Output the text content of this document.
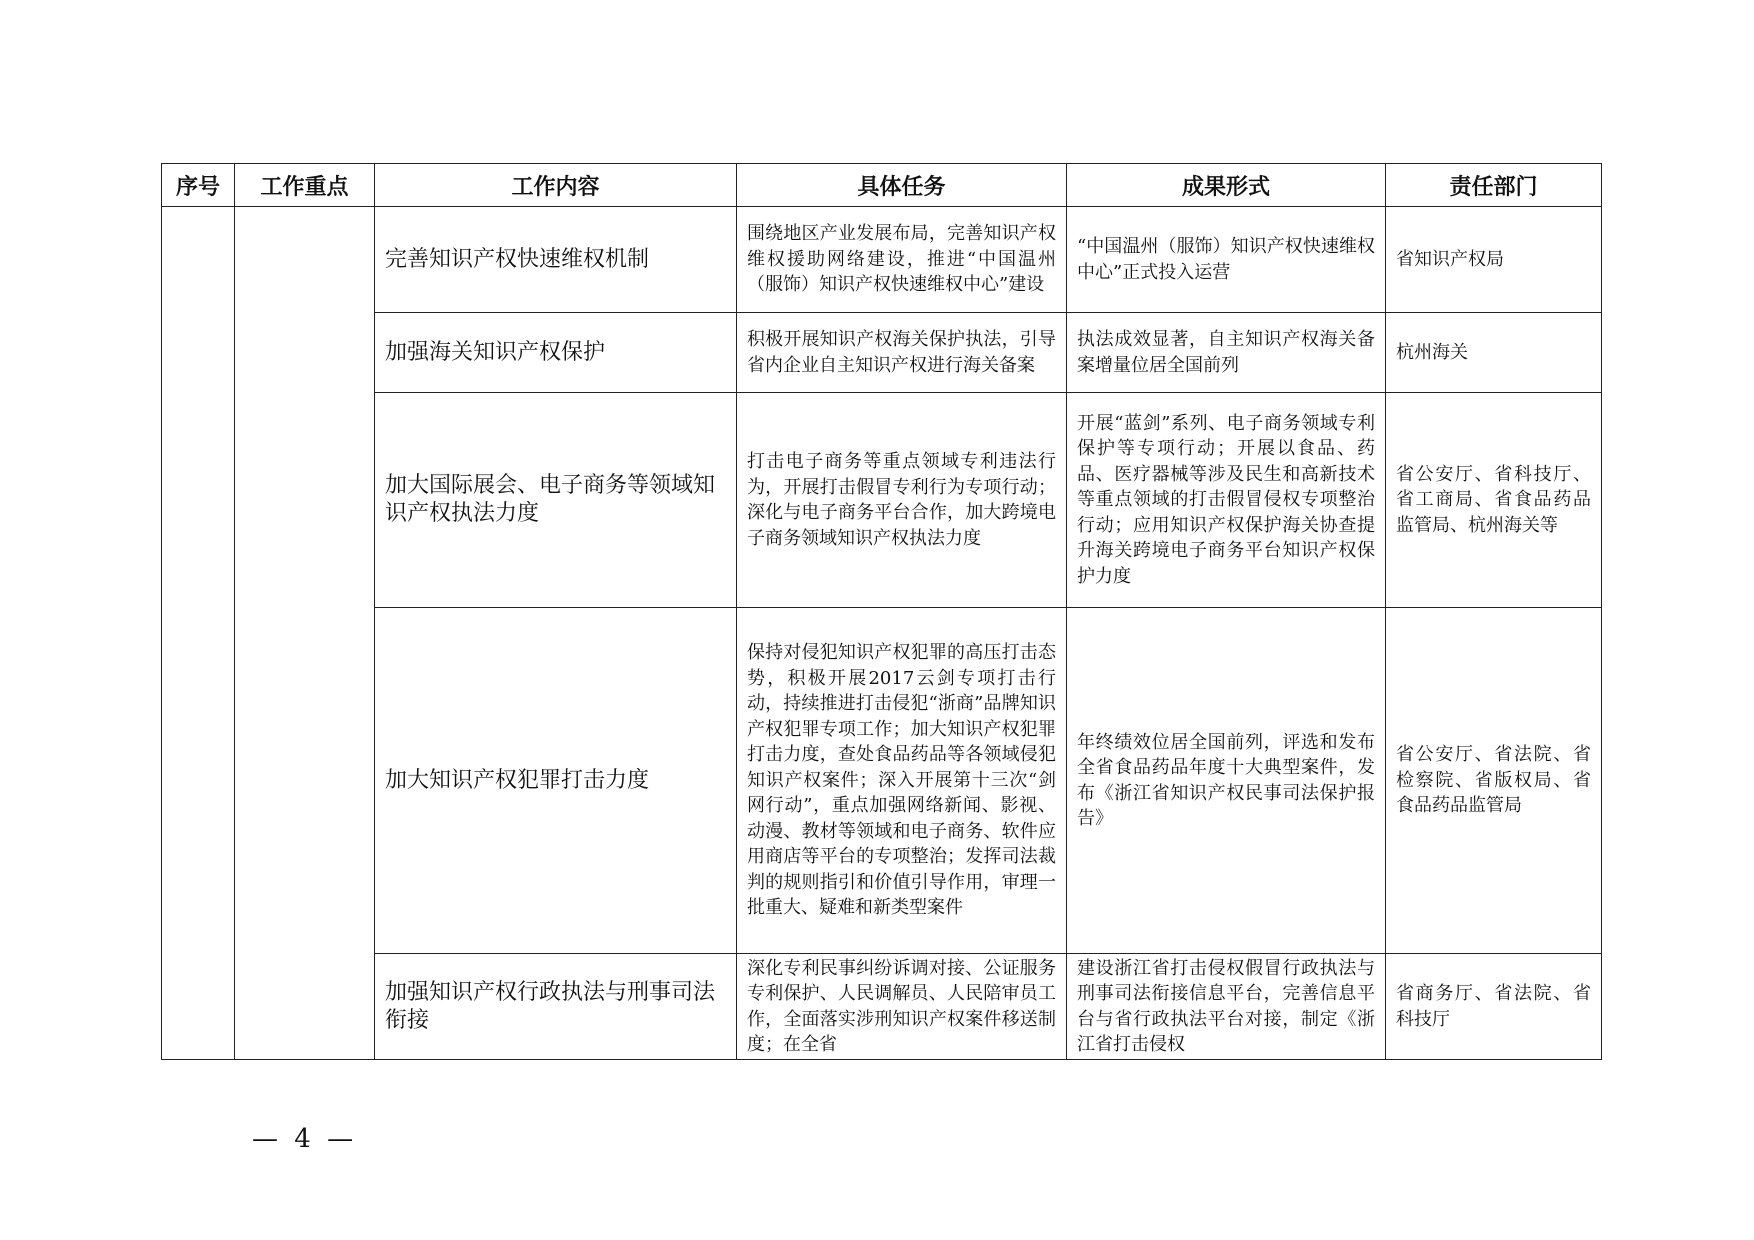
序号	工作重点	工作内容	具体任务	成果形式	责任部门
		完善知识产权快速维权机制	围绕地区产业发展布局，完善知识产权维权援助网络建设，推进“中国温州（服饰）知识产权快速维权中心”建设	“中国温州（服饰）知识产权快速维权中心”正式投入运营	省知识产权局
		加强海关知识产权保护	积极开展知识产权海关保护执法，引导省内企业自主知识产权进行海关备案	执法成效显著，自主知识产权海关备案增量位居全国前列	杭州海关
		加大国际展会、电子商务等领域知识产权执法力度	打击电子商务等重点领域专利违法行为，开展打击假冒专利行为专项行动；深化与电子商务平台合作，加大跨境电子商务领域知识产权执法力度	开展“蓝剑”系列、电子商务领域专利保护等专项行动；开展以食品、药品、医疗器械等涉及民生和高新技术等重点领域的打击假冒侵权专项整治行动；应用知识产权保护海关协查提升海关跨境电子商务平台知识产权保护力度	省公安厅、省科技厅、省工商局、省食品药品监管局、杭州海关等
		加大知识产权犯罪打击力度	保持对侵犯知识产权犯罪的高压打击态势，积极开展2017云剑专项打击行动，持续推进打击侵犯“浙商”品牌知识产权犯罪专项工作；加大知识产权犯罪打击力度，查处食品药品等各领域侵犯知识产权案件；深入开展第十三次“剑网行动”，重点加强网络新闻、影视、动漫、教材等领域和电子商务、软件应用商店等平台的专项整治；发挥司法裁判的规则指引和价值引导作用，审理一批重大、疑难和新类型案件	年终绩效位居全国前列，评选和发布全省食品药品年度十大典型案件，发布《浙江省知识产权民事司法保护报告》	省公安厅、省法院、省检察院、省版权局、省食品药品监管局
		加强知识产权行政执法与刑事司法衔接	深化专利民事纠纷诉调对接、公证服务专利保护、人民调解员、人民陪审员工作，全面落实涉刑知识产权案件移送制度；在全省	建设浙江省打击侵权假冒行政执法与刑事司法衔接信息平台，完善信息平台与省行政执法平台对接，制定《浙江省打击侵权	省商务厅、省法院、省科技厅
— 4 —
